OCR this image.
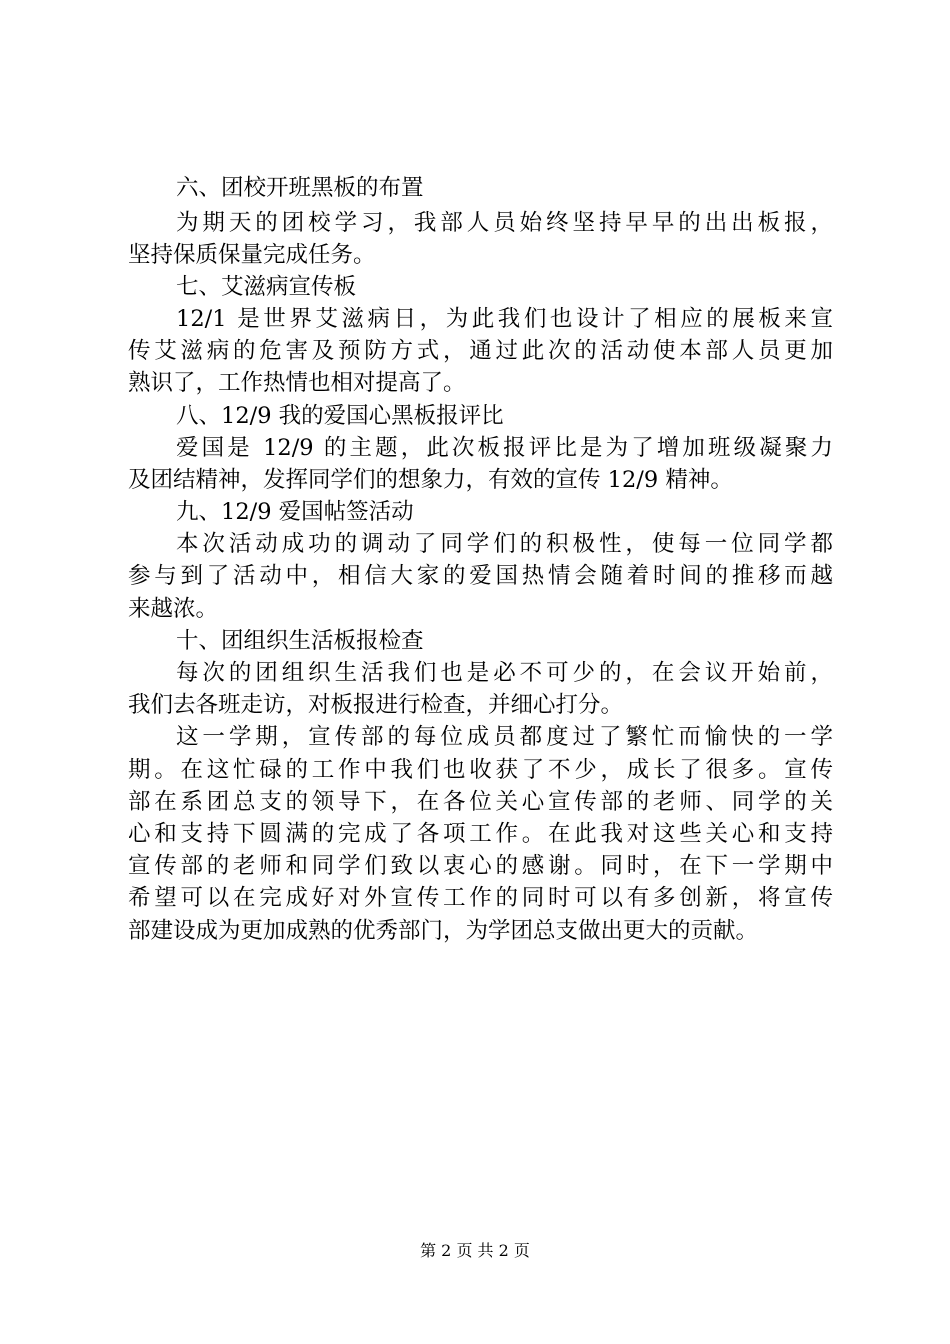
六、团校开班黑板的布置
为期天的团校学习，我部人员始终坚持早早的出出板报，
坚持保质保量完成任务。
七、艾滋病宣传板
12/1 是世界艾滋病日，为此我们也设计了相应的展板来宣
传艾滋病的危害及预防方式，通过此次的活动使本部人员更加
熟识了，工作热情也相对提高了。
八、12/9 我的爱国心黑板报评比
爱国是 12/9 的主题，此次板报评比是为了增加班级凝聚力
及团结精神，发挥同学们的想象力，有效的宣传 12/9 精神。
九、12/9 爱国帖签活动
本次活动成功的调动了同学们的积极性，使每一位同学都
参与到了活动中，相信大家的爱国热情会随着时间的推移而越
来越浓。
十、团组织生活板报检查
每次的团组织生活我们也是必不可少的，在会议开始前，
我们去各班走访，对板报进行检查，并细心打分。
这一学期，宣传部的每位成员都度过了繁忙而愉快的一学
期。在这忙碌的工作中我们也收获了不少，成长了很多。宣传
部在系团总支的领导下，在各位关心宣传部的老师、同学的关
心和支持下圆满的完成了各项工作。在此我对这些关心和支持
宣传部的老师和同学们致以衷心的感谢。同时，在下一学期中
希望可以在完成好对外宣传工作的同时可以有多创新，将宣传
部建设成为更加成熟的优秀部门，为学团总支做出更大的贡献。
第 2 页 共 2 页
